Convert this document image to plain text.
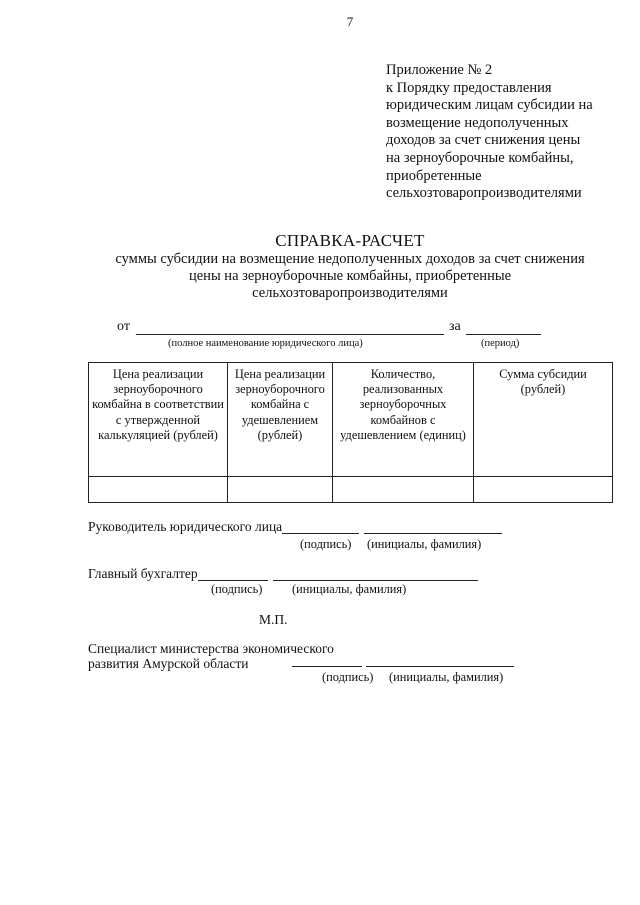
7
Приложение № 2
к Порядку предоставления
юридическим лицам субсидии на
возмещение недополученных
доходов за счет снижения цены
на зерноуборочные комбайны,
приобретенные
сельхозтоваропроизводителями
СПРАВКА-РАСЧЕТ
суммы субсидии на возмещение недополученных доходов за счет снижения
цены на зерноуборочные комбайны, приобретенные
сельхозтоваропроизводителями
от	за
(полное наименование юридического лица)	(период)
Цена реализации зерноуборочного комбайна в соответствии с утвержденной калькуляцией (рублей)	Цена реализации зерноуборочного комбайна с удешевлением (рублей)	Количество, реализованных зерноуборочных комбайнов с удешевлением (единиц)	Сумма субсидии (рублей)

Руководитель юридического лица
(подпись) (инициалы, фамилия)
Главный бухгалтер
(подпись) (инициалы, фамилия)
М.П.
Специалист министерства экономического
развития Амурской области
(подпись) (инициалы, фамилия)
